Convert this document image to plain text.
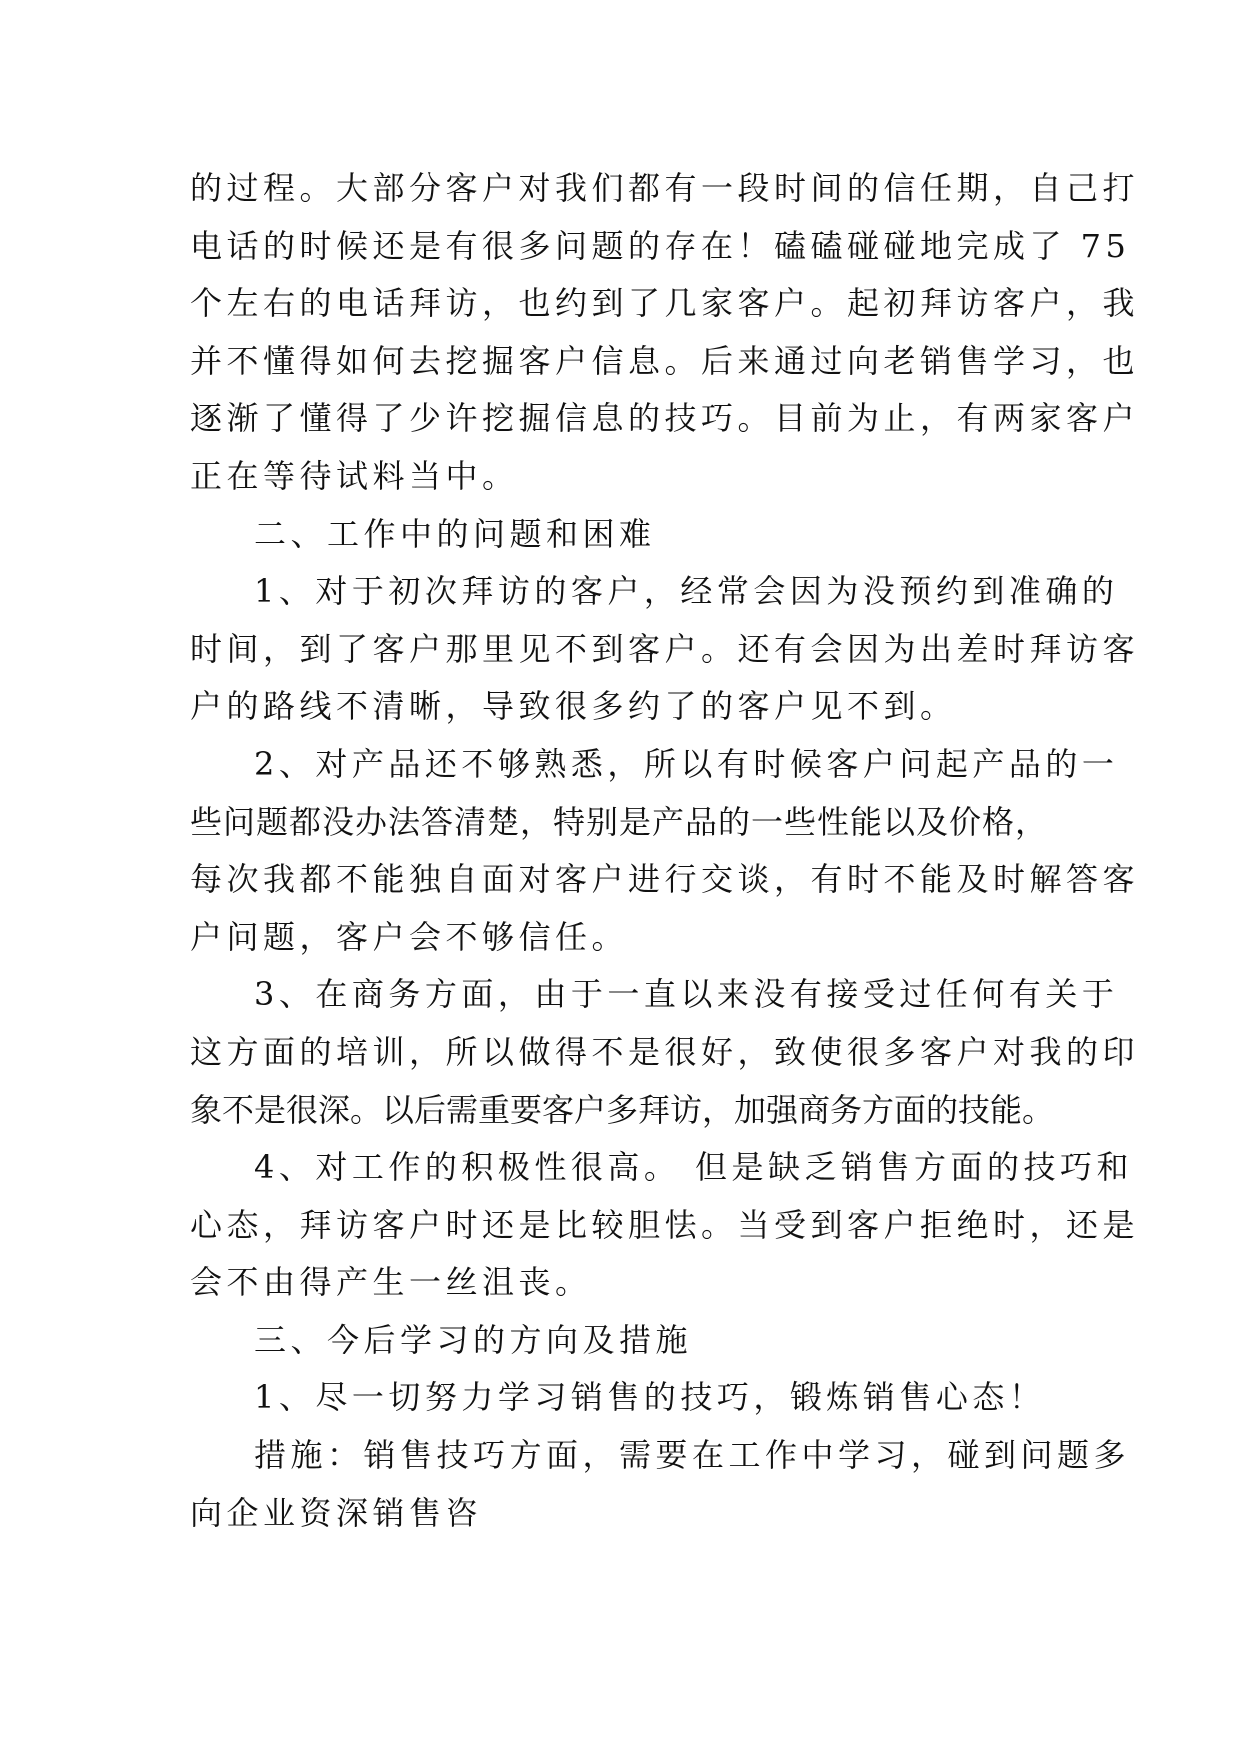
的过程。大部分客户对我们都有一段时间的信任期，自己打
电话的时候还是有很多问题的存在！磕磕碰碰地完成了 75
个左右的电话拜访，也约到了几家客户。起初拜访客户，我
并不懂得如何去挖掘客户信息。后来通过向老销售学习，也
逐渐了懂得了少许挖掘信息的技巧。目前为止，有两家客户
正在等待试料当中。
二、工作中的问题和困难
1、对于初次拜访的客户，经常会因为没预约到准确的
时间，到了客户那里见不到客户。还有会因为出差时拜访客
户的路线不清晰，导致很多约了的客户见不到。
2、对产品还不够熟悉，所以有时候客户问起产品的一
些问题都没办法答清楚，特别是产品的一些性能以及价格，
每次我都不能独自面对客户进行交谈，有时不能及时解答客
户问题，客户会不够信任。
3、在商务方面，由于一直以来没有接受过任何有关于
这方面的培训，所以做得不是很好，致使很多客户对我的印
象不是很深。以后需重要客户多拜访，加强商务方面的技能。
4、对工作的积极性很高。 但是缺乏销售方面的技巧和
心态，拜访客户时还是比较胆怯。当受到客户拒绝时，还是
会不由得产生一丝沮丧。
三、今后学习的方向及措施
1、尽一切努力学习销售的技巧，锻炼销售心态！
措施：销售技巧方面，需要在工作中学习，碰到问题多
向企业资深销售咨
